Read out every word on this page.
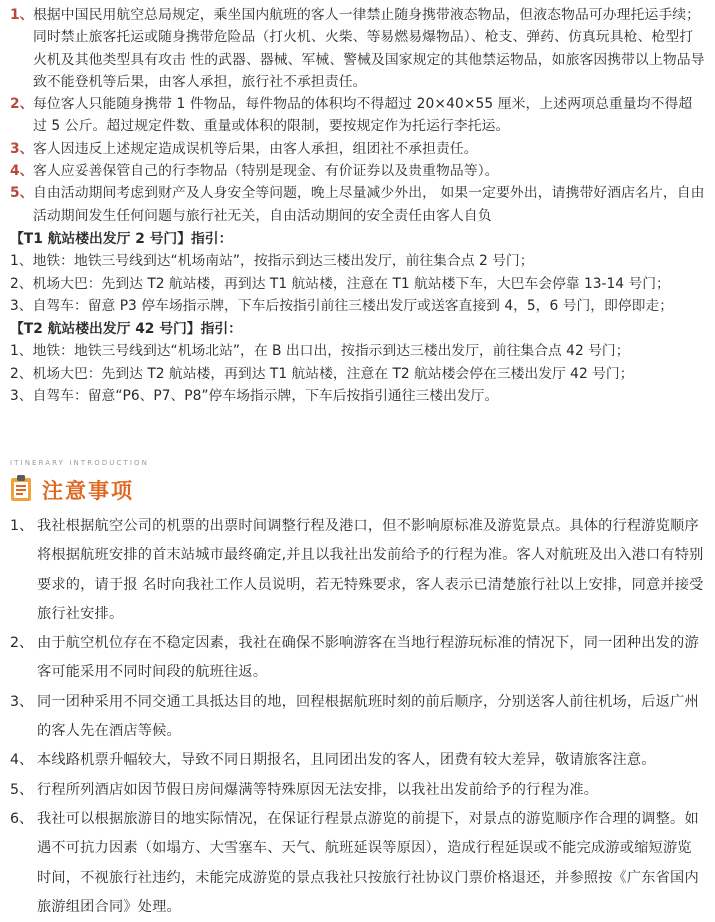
1、 根据中国民用航空总局规定，乘坐国内航班的客人一律禁止随身携带液态物品，但液态物品可办理托运手续；同时禁止旅客托运或随身携带危险品（打火机、火柴、等易燃易爆物品）、枪支、弹药、仿真玩具枪、枪型打火机及其他类型具有攻击 性的武器、器械、军械、警械及国家规定的其他禁运物品，如旅客因携带以上物品导致不能登机等后果，由客人承担，旅行社不承担责任。
2、 每位客人只能随身携带 1 件物品，每件物品的体积均不得超过 20×40×55 厘米，上述两项总重量均不得超过 5 公斤。超过规定件数、重量或体积的限制，要按规定作为托运行李托运。
3、 客人因违反上述规定造成误机等后果，由客人承担，组团社不承担责任。
4、 客人应妥善保管自己的行李物品（特别是现金、有价证券以及贵重物品等）。
5、 自由活动期间考虑到财产及人身安全等问题，晚上尽量减少外出， 如果一定要外出，请携带好酒店名片，自由活动期间发生任何问题与旅行社无关，自由活动期间的安全责任由客人自负
【T1 航站楼出发厅 2 号门】指引：
1、地铁：地铁三号线到达“机场南站”，按指示到达三楼出发厅，前往集合点 2 号门；
2、机场大巴：先到达 T2 航站楼，再到达 T1 航站楼，注意在 T1 航站楼下车，大巴车会停靠 13-14 号门；
3、自驾车：留意 P3 停车场指示牌，下车后按指引前往三楼出发厅或送客直接到 4，5，6 号门，即停即走；
【T2 航站楼出发厅 42 号门】指引：
1、地铁：地铁三号线到达“机场北站”，在 B 出口出，按指示到达三楼出发厅，前往集合点 42 号门；
2、机场大巴：先到达 T2 航站楼，再到达 T1 航站楼，注意在 T2 航站楼会停在三楼出发厅 42 号门；
3、自驾车：留意“P6、P7、P8”停车场指示牌，下车后按指引通往三楼出发厅。
ITINERARY INTRODUCTION
注意事项
1、 我社根据航空公司的机票的出票时间调整行程及港口，但不影响原标准及游览景点。具体的行程游览顺序将根据航班安排的首末站城市最终确定,并且以我社出发前给予的行程为准。客人对航班及出入港口有特别要求的，请于报 名时向我社工作人员说明，若无特殊要求，客人表示已清楚旅行社以上安排，同意并接受旅行社安排。
2、 由于航空机位存在不稳定因素，我社在确保不影响游客在当地行程游玩标准的情况下，同一团种出发的游客可能采用不同时间段的航班往返。
3、 同一团种采用不同交通工具抵达目的地，回程根据航班时刻的前后顺序，分别送客人前往机场，后返广州的客人先在酒店等候。
4、 本线路机票升幅较大，导致不同日期报名，且同团出发的客人，团费有较大差异，敬请旅客注意。
5、 行程所列酒店如因节假日房间爆满等特殊原因无法安排，以我社出发前给予的行程为准。
6、 我社可以根据旅游目的地实际情况，在保证行程景点游览的前提下，对景点的游览顺序作合理的调整。如遇不可抗力因素（如塌方、大雪塞车、天气、航班延误等原因），造成行程延误或不能完成游或缩短游览时间，不视旅行社违约，未能完成游览的景点我社只按旅行社协议门票价格退还，并参照按《广东省国内旅游组团合同》处理。
